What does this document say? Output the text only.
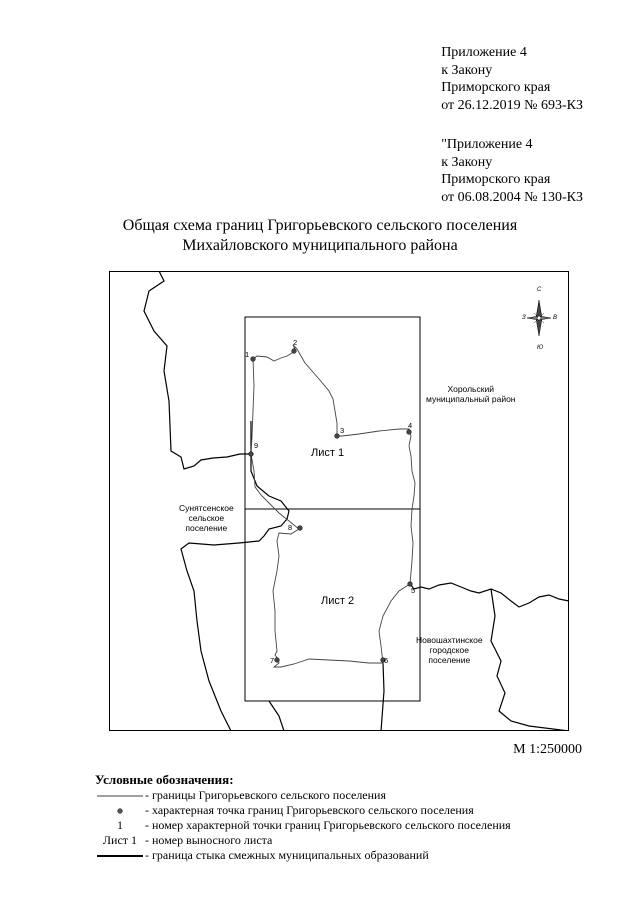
Приложение 4
к Закону
Приморского края
от 26.12.2019 № 693-КЗ
"Приложение 4
к Закону
Приморского края
от 06.08.2004 № 130-КЗ
Общая схема границ Григорьевского сельского поселения
Михайловского муниципального района
С
Ю
З	В
Хорольский
муниципальный район
Сунятсенское
сельское
поселение
Новошахтинское
городское
поселение
Лист 1
Лист 2
1
2
3
4
5
6
7
8
9
М 1:250000
Условные обозначения:
- границы Григорьевского сельского поселения
- характерная точка границ Григорьевского сельского поселения
1	- номер характерной точки границ Григорьевского сельского поселения
Лист 1 - номер выносного листа
- граница стыка смежных муниципальных образований
